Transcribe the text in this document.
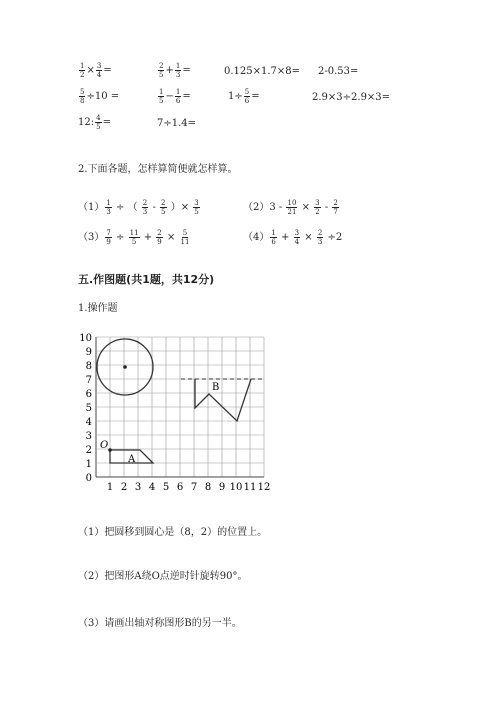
$\frac{1}{2} \times \frac{3}{4}$ =	$\frac{2}{5} + \frac{1}{3}$ =	0.125×1.7×8= 2-0.53=
$\frac{5}{8} \div 10$ =	$\frac{1}{5} - \frac{1}{6}$ =	$1\div \frac{5}{6}$ =	2.9×3÷2.9×3=
12: $\frac{4}{5}$ =	7÷1.4=
2.下面各题，怎样算简便就怎样算。
$(1) \frac{1}{3}$ ÷ （ $\frac{2}{3} - \frac{2}{5}$ ）× $\frac{3}{5}$	$(2)3 - \frac{10}{21} \times \frac{3}{2} - \frac{2}{7}$
$(3) \frac{7}{9} \div \frac{11}{5} + \frac{2}{9} \times \frac{5}{11}$	$(4) \frac{1}{6} + \frac{3}{4} \times \frac{2}{3} \div 2$
五.作图题(共1题，共12分)
1.操作题
O
A
B
1 2 3 4 5 6 7 8 9 10 11 12
0
1
2
3
4
5
6
7
8
9
10
（1）把圆移到圆心是（8，2）的位置上。
（2）把图形A绕O点逆时针旋转90°。
（3）请画出轴对称图形B的另一半。
